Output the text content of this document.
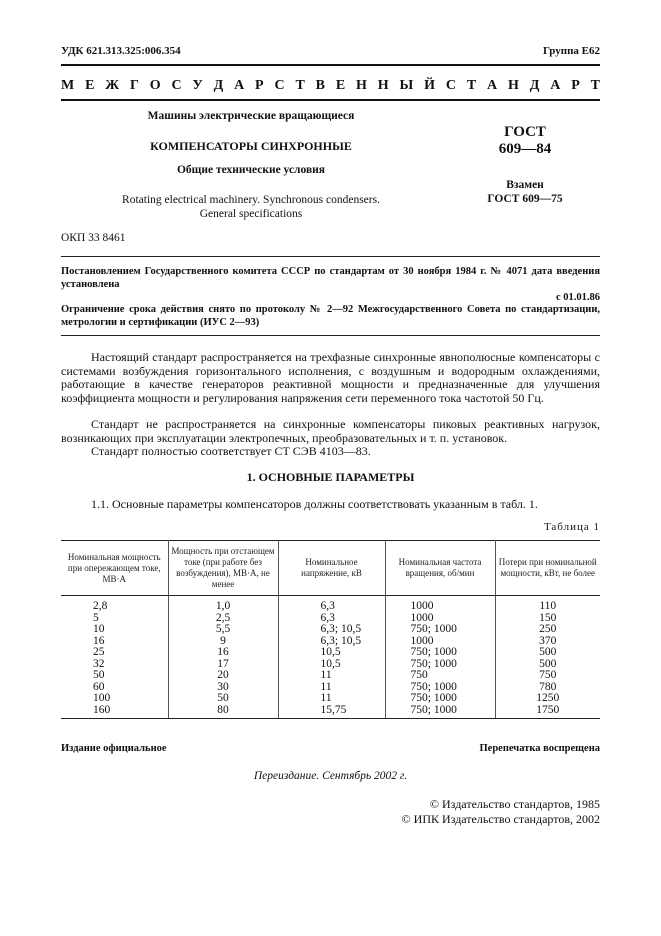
УДК 621.313.325:006.354	Группа Е62
М Е Ж Г О С У Д А Р С Т В Е Н Н Ы Й С Т А Н Д А Р Т
Машины электрические вращающиеся
КОМПЕНСАТОРЫ СИНХРОННЫЕ
Общие технические условия
Rotating electrical machinery. Synchronous condensers.
General specifications
ГОСТ
609—84
Взамен
ГОСТ 609—75
ОКП 33 8461
Постановлением Государственного комитета СССР по стандартам от 30 ноября 1984 г. № 4071 дата введения установлена
с 01.01.86
Ограничение срока действия снято по протоколу № 2—92 Межгосударственного Совета по стандартизации, метрологии и сертификации (ИУС 2—93)
Настоящий стандарт распространяется на трехфазные синхронные явнополюсные компенсаторы с системами возбуждения горизонтального исполнения, с воздушным и водородным охлаждениями, работающие в качестве генераторов реактивной мощности и предназначенные для улучшения коэффициента мощности и регулирования напряжения сети переменного тока частотой 50 Гц.
Стандарт не распространяется на синхронные компенсаторы пиковых реактивных нагрузок, возникающих при эксплуатации электропечных, преобразовательных и т. п. установок.
Стандарт полностью соответствует СТ СЭВ 4103—83.
1. ОСНОВНЫЕ ПАРАМЕТРЫ
1.1. Основные параметры компенсаторов должны соответствовать указанным в табл. 1.
Таблица 1
Номинальная мощность при опережающем токе, МВ·А	Мощность при отстающем токе (при работе без возбуждения), МВ·А, не менее	Номинальное напряжение, кВ	Номинальная частота вращения, об/мин	Потери при номинальной мощности, кВт, не более
2,8	1,0	6,3	1000	110
5	2,5	6,3	1000	150
10	5,5	6,3; 10,5	750; 1000	250
16	9	6,3; 10,5	1000	370
25	16	10,5	750; 1000	500
32	17	10,5	750; 1000	500
50	20	11	750	750
60	30	11	750; 1000	780
100	50	11	750; 1000	1250
160	80	15,75	750; 1000	1750
Издание официальное	Перепечатка воспрещена
Переиздание. Сентябрь 2002 г.
© Издательство стандартов, 1985
© ИПК Издательство стандартов, 2002
